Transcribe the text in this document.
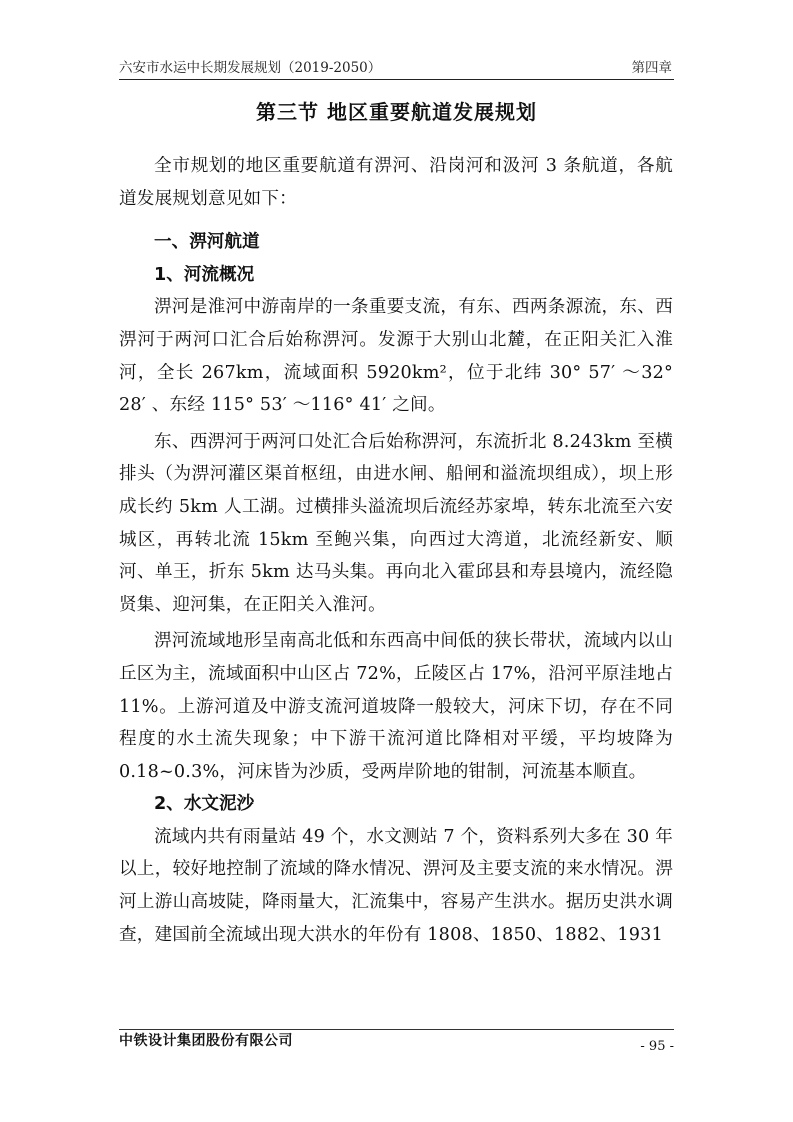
六安市水运中长期发展规划（2019-2050）	第四章
第三节 地区重要航道发展规划

全市规划的地区重要航道有淠河、沿岗河和汲河 3 条航道，各航道发展规划意见如下：

一、淠河航道
1、河流概况

淠河是淮河中游南岸的一条重要支流，有东、西两条源流，东、西淠河于两河口汇合后始称淠河。发源于大别山北麓，在正阳关汇入淮河，全长 267km，流域面积 5920km²，位于北纬 30° 57′ ～32° 28′ 、东经 115° 53′ ～116° 41′ 之间。

东、西淠河于两河口处汇合后始称淠河，东流折北 8.243km 至横排头（为淠河灌区渠首枢纽，由进水闸、船闸和溢流坝组成），坝上形成长约 5km 人工湖。过横排头溢流坝后流经苏家埠，转东北流至六安城区，再转北流 15km 至鲍兴集，向西过大湾道，北流经新安、顺河、单王，折东 5km 达马头集。再向北入霍邱县和寿县境内，流经隐贤集、迎河集，在正阳关入淮河。

淠河流域地形呈南高北低和东西高中间低的狭长带状，流域内以山丘区为主，流域面积中山区占 72%，丘陵区占 17%，沿河平原洼地占 11%。上游河道及中游支流河道坡降一般较大，河床下切，存在不同程度的水土流失现象；中下游干流河道比降相对平缓，平均坡降为 0.18~0.3%，河床皆为沙质，受两岸阶地的钳制，河流基本顺直。

2、水文泥沙

流域内共有雨量站 49 个，水文测站 7 个，资料系列大多在 30 年以上，较好地控制了流域的降水情况、淠河及主要支流的来水情况。淠河上游山高坡陡，降雨量大，汇流集中，容易产生洪水。据历史洪水调查，建国前全流域出现大洪水的年份有 1808、1850、1882、1931

中铁设计集团股份有限公司	- 95 -
